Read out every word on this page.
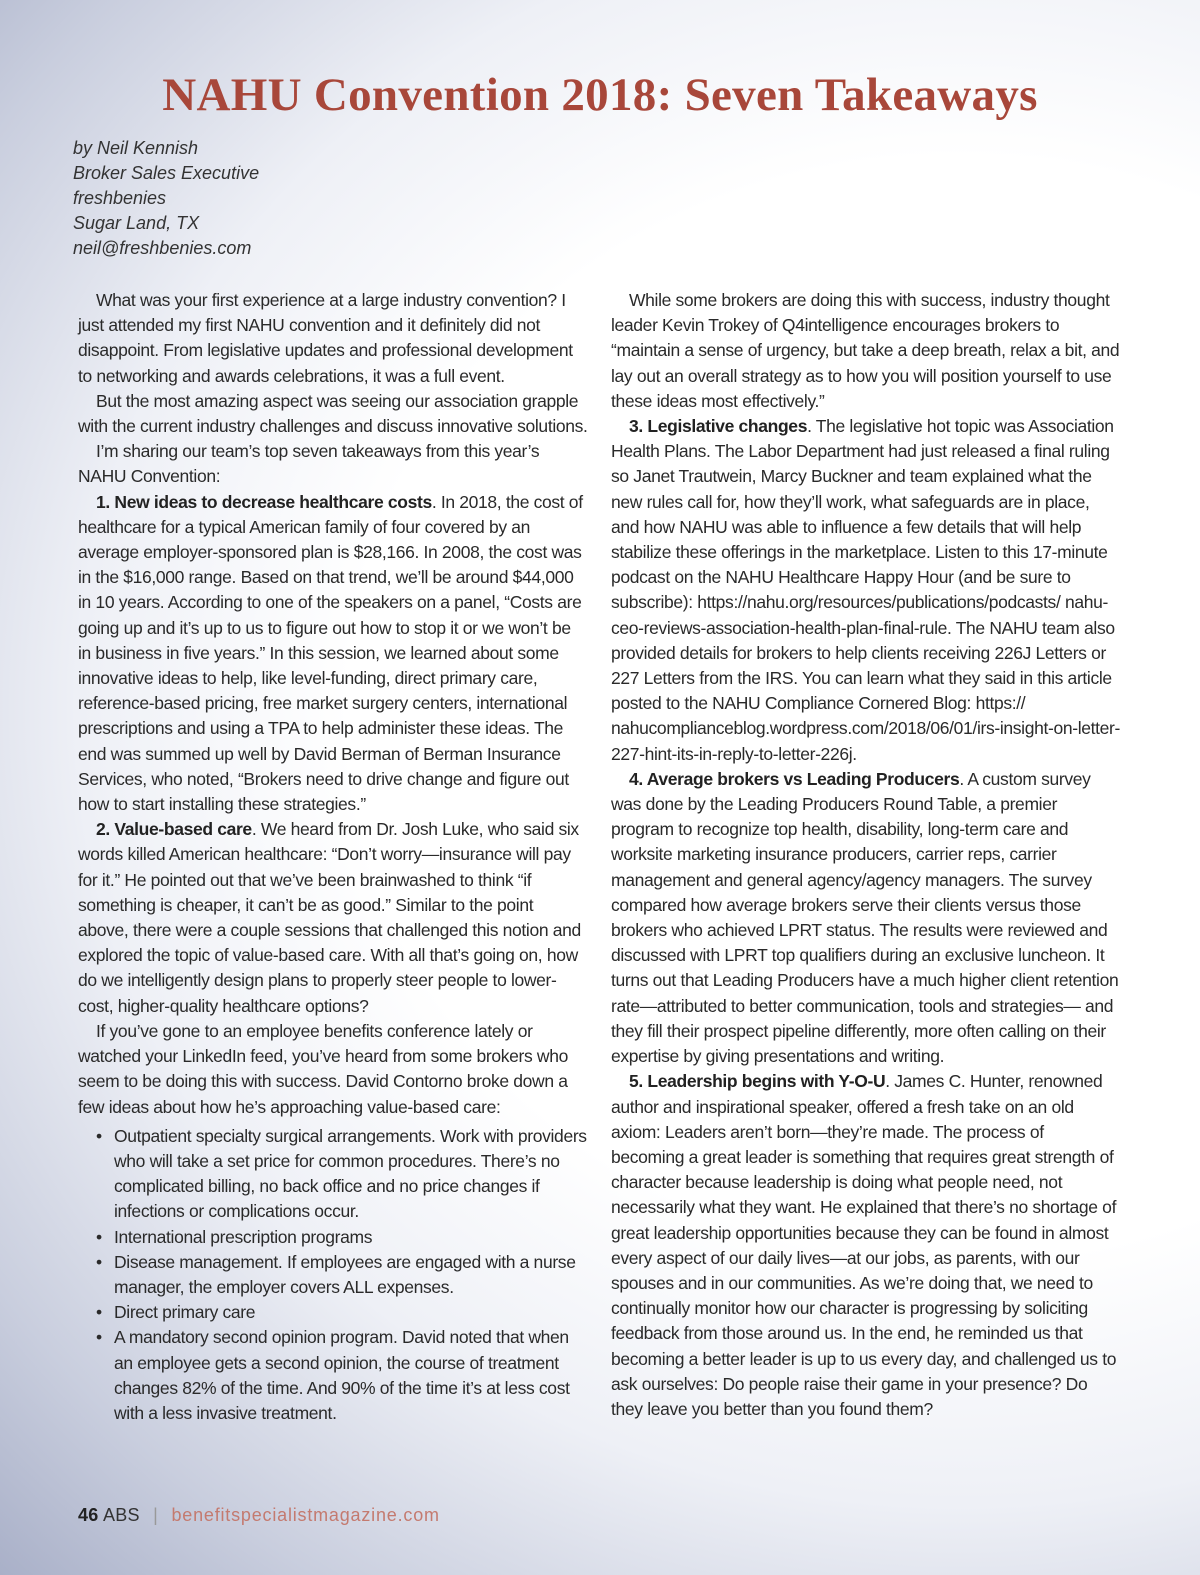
NAHU Convention 2018: Seven Takeaways
by Neil Kennish
Broker Sales Executive
freshbenies
Sugar Land, TX
neil@freshbenies.com

What was your first experience at a large industry convention? I just attended my first NAHU convention and it definitely did not disappoint. From legislative updates and professional development to networking and awards celebrations, it was a full event.

But the most amazing aspect was seeing our association grapple with the current industry challenges and discuss innovative solutions.

I’m sharing our team’s top seven takeaways from this year’s NAHU Convention:

1. New ideas to decrease healthcare costs. In 2018, the cost of healthcare for a typical American family of four covered by an average employer-sponsored plan is $28,166. In 2008, the cost was in the $16,000 range. Based on that trend, we’ll be around $44,000 in 10 years. According to one of the speakers on a panel, “Costs are going up and it’s up to us to figure out how to stop it or we won’t be in business in five years.” In this session, we learned about some innovative ideas to help, like level-funding, direct primary care, reference-based pricing, free market surgery centers, international prescriptions and using a TPA to help administer these ideas. The end was summed up well by David Berman of Berman Insurance Services, who noted, “Brokers need to drive change and figure out how to start installing these strategies.”

2. Value-based care. We heard from Dr. Josh Luke, who said six words killed American healthcare: “Don’t worry—insurance will pay for it.” He pointed out that we’ve been brainwashed to think “if something is cheaper, it can’t be as good.” Similar to the point above, there were a couple sessions that challenged this notion and explored the topic of value-based care. With all that’s going on, how do we intelligently design plans to properly steer people to lower-cost, higher-quality healthcare options?

If you’ve gone to an employee benefits conference lately or watched your LinkedIn feed, you’ve heard from some brokers who seem to be doing this with success. David Contorno broke down a few ideas about how he’s approaching value-based care:

• Outpatient specialty surgical arrangements. Work with providers who will take a set price for common procedures. There’s no complicated billing, no back office and no price changes if infections or complications occur.
• International prescription programs
• Disease management. If employees are engaged with a nurse manager, the employer covers ALL expenses.
• Direct primary care
• A mandatory second opinion program. David noted that when an employee gets a second opinion, the course of treatment changes 82% of the time. And 90% of the time it’s at less cost with a less invasive treatment.

While some brokers are doing this with success, industry thought leader Kevin Trokey of Q4intelligence encourages brokers to “maintain a sense of urgency, but take a deep breath, relax a bit, and lay out an overall strategy as to how you will position yourself to use these ideas most effectively.”

3. Legislative changes. The legislative hot topic was Association Health Plans. The Labor Department had just released a final ruling so Janet Trautwein, Marcy Buckner and team explained what the new rules call for, how they’ll work, what safeguards are in place, and how NAHU was able to influence a few details that will help stabilize these offerings in the marketplace. Listen to this 17-minute podcast on the NAHU Healthcare Happy Hour (and be sure to subscribe): https://nahu.org/resources/publications/podcasts/ nahu-ceo-reviews-association-health-plan-final-rule. The NAHU team also provided details for brokers to help clients receiving 226J Letters or 227 Letters from the IRS. You can learn what they said in this article posted to the NAHU Compliance Cornered Blog: https:// nahucomplianceblog.wordpress.com/2018/06/01/irs-insight-on-letter-227-hint-its-in-reply-to-letter-226j.

4. Average brokers vs Leading Producers. A custom survey was done by the Leading Producers Round Table, a premier program to recognize top health, disability, long-term care and worksite marketing insurance producers, carrier reps, carrier management and general agency/agency managers. The survey compared how average brokers serve their clients versus those brokers who achieved LPRT status. The results were reviewed and discussed with LPRT top qualifiers during an exclusive luncheon. It turns out that Leading Producers have a much higher client retention rate—attributed to better communication, tools and strategies— and they fill their prospect pipeline differently, more often calling on their expertise by giving presentations and writing.

5. Leadership begins with Y-O-U. James C. Hunter, renowned author and inspirational speaker, offered a fresh take on an old axiom: Leaders aren’t born—they’re made. The process of becoming a great leader is something that requires great strength of character because leadership is doing what people need, not necessarily what they want. He explained that there’s no shortage of great leadership opportunities because they can be found in almost every aspect of our daily lives—at our jobs, as parents, with our spouses and in our communities. As we’re doing that, we need to continually monitor how our character is progressing by soliciting feedback from those around us. In the end, he reminded us that becoming a better leader is up to us every day, and challenged us to ask ourselves: Do people raise their game in your presence? Do they leave you better than you found them?

46 ABS | benefitspecialistmagazine.com
